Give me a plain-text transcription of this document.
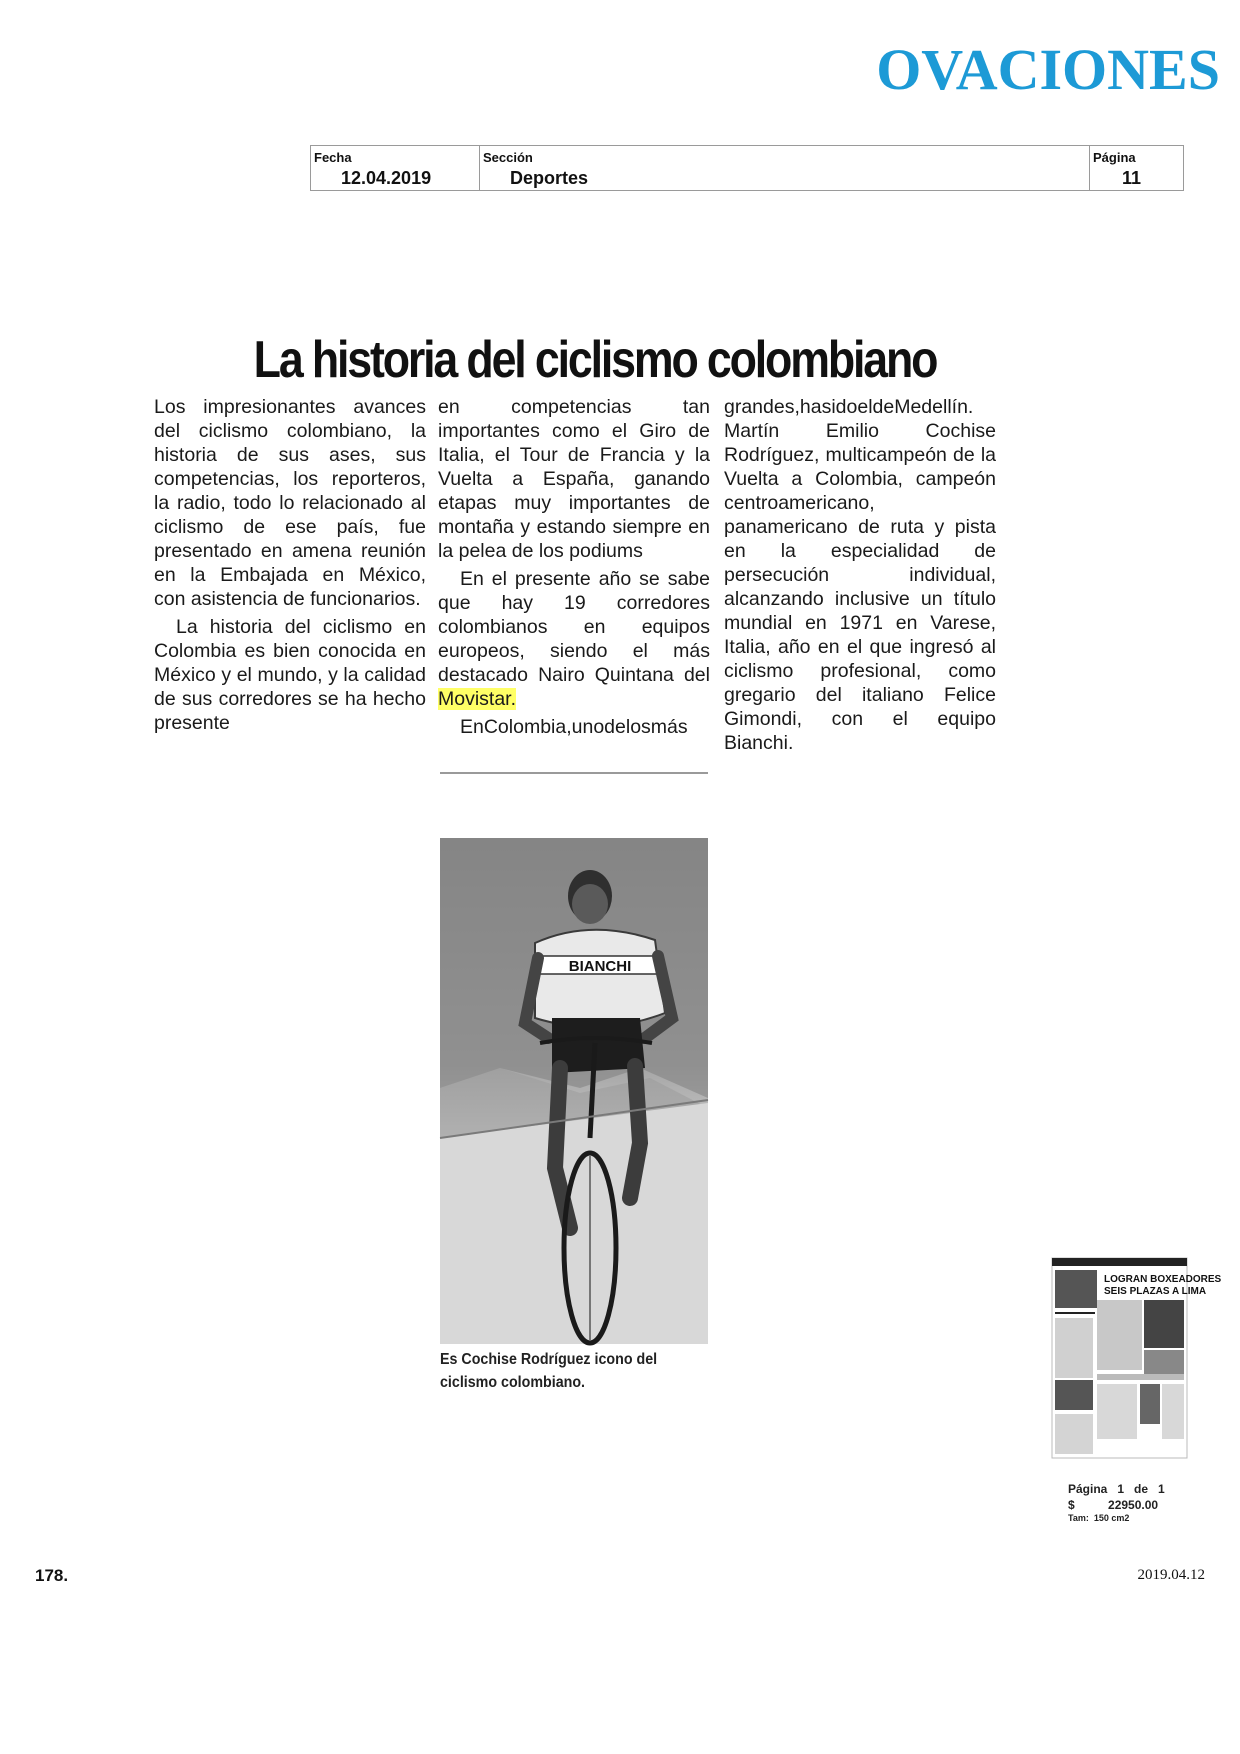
OVACIONES
Fecha
12.04.2019
Sección
Deportes
Página
11
La historia del ciclismo colombiano

Los impresionantes avances del ciclismo colombiano, la historia de sus ases, sus competencias, los reporteros, la radio, todo lo relacionado al ciclismo de ese país, fue presentado en amena reunión en la Embajada en México, con asistencia de funcionarios.

La historia del ciclismo en Colombia es bien conocida en México y el mundo, y la calidad de sus corredores se ha hecho presente

en competencias tan importantes como el Giro de Italia, el Tour de Francia y la Vuelta a España, ganando etapas muy importantes de montaña y estando siempre en la pelea de los podiums

En el presente año se sabe que hay 19 corredores colombianos en equipos europeos, siendo el más destacado Nairo Quintana del Movistar.

EnColombia,unodelosmás

grandes,hasidoeldeMedellín. Martín Emilio Cochise Rodríguez, multicampeón de la Vuelta a Colombia, campeón centroamericano, panamericano de ruta y pista en la especialidad de persecución individual, alcanzando inclusive un título mundial en 1971 en Varese, Italia, año en el que ingresó al ciclismo profesional, como gregario del italiano Felice Gimondi, con el equipo Bianchi.

BIANCHI
Es Cochise Rodríguez icono del ciclismo colombiano.
LOGRAN BOXEADORES
SEIS PLAZAS A LIMA
Página   1   de   1
$          22950.00
Tam:  150 cm2
178.	2019.04.12
